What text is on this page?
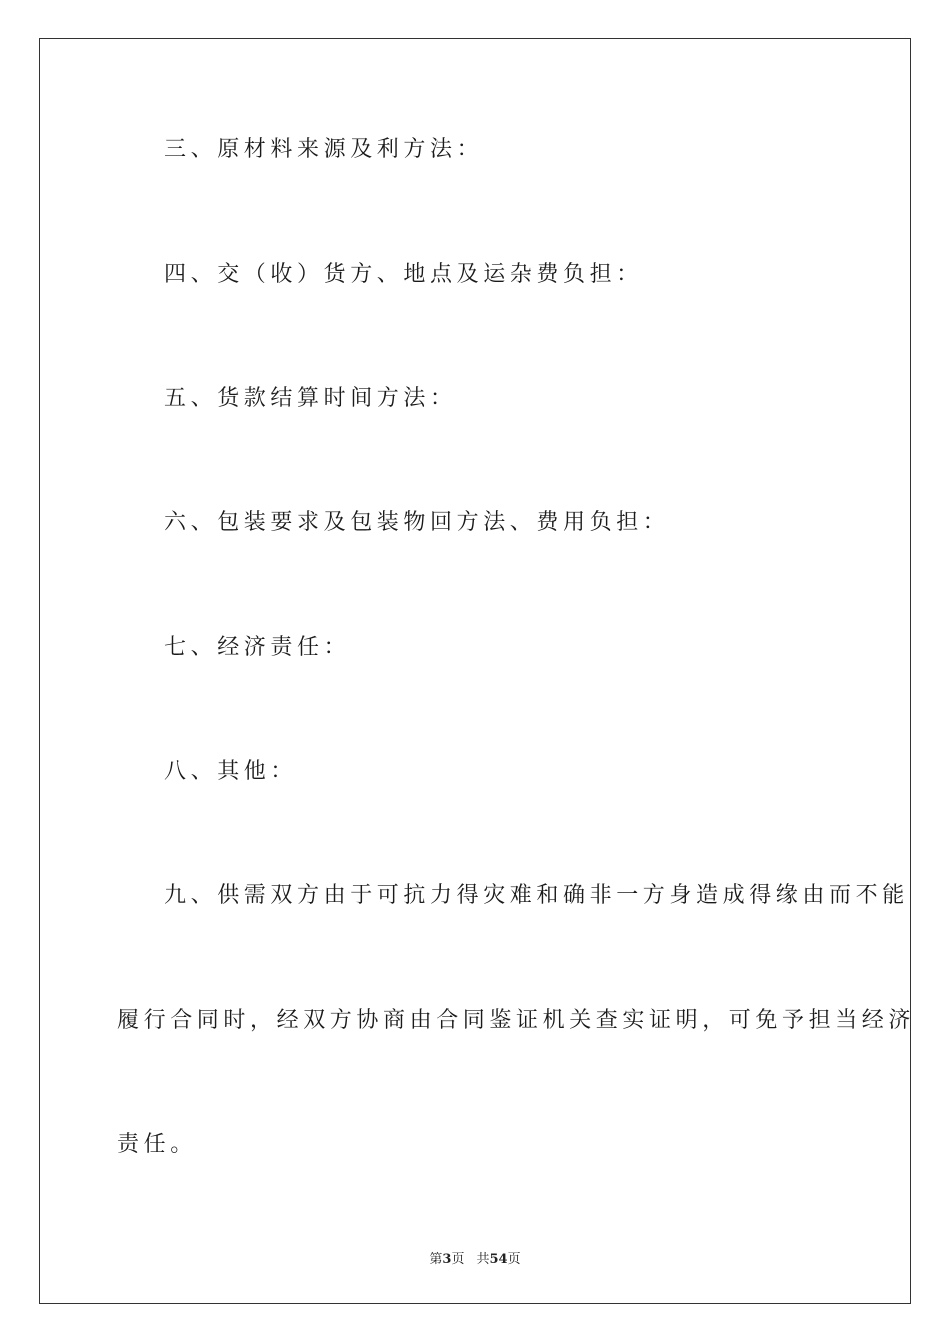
三、原材料来源及利方法：
四、交（收）货方、地点及运杂费负担：
五、货款结算时间方法：
六、包装要求及包装物回方法、费用负担：
七、经济责任：
八、其他：
九、供需双方由于可抗力得灾难和确非一方身造成得缘由而不能
履行合同时，经双方协商由合同鉴证机关查实证明，可免予担当经济
责任。
第3页 共54页
